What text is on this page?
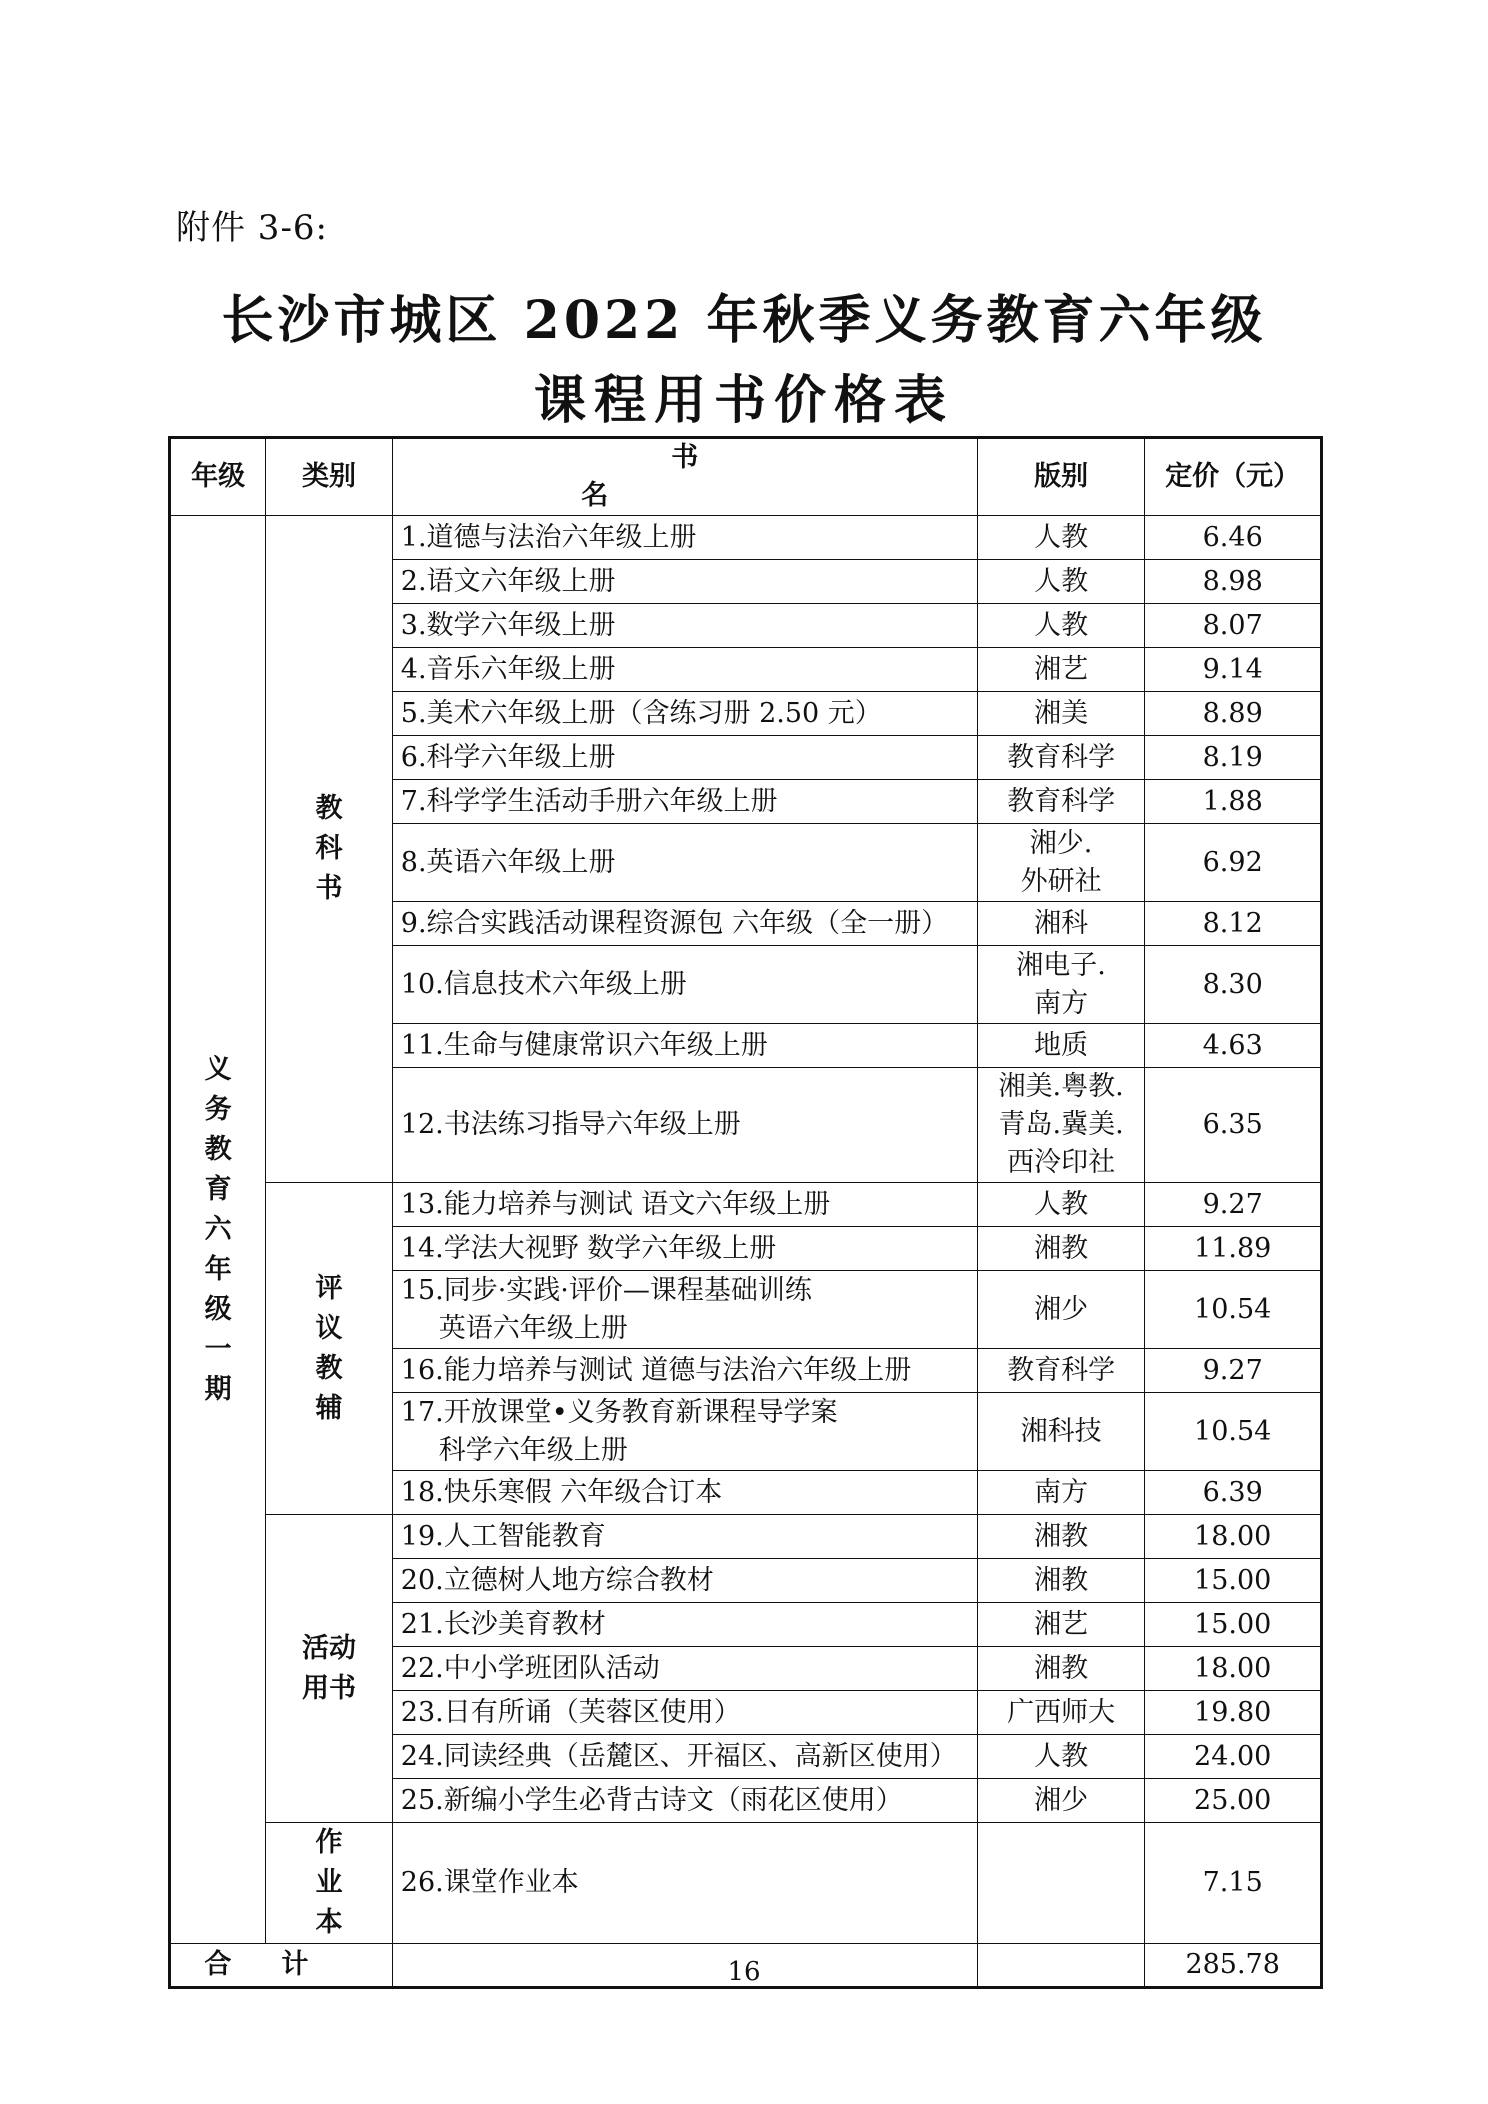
附件 3-6:
长沙市城区 2022 年秋季义务教育六年级
课程用书价格表
年级	类别	书名	版别	定价（元）
义务教育六年级一期	教科书	1.道德与法治六年级上册	人教	6.46

		2.语文六年级上册	人教	8.98

		3.数学六年级上册	人教	8.07

		4.音乐六年级上册	湘艺	9.14

		5.美术六年级上册（含练习册 2.50 元）	湘美	8.89

		6.科学六年级上册	教育科学	8.19

		7.科学学生活动手册六年级上册	教育科学	1.88

		8.英语六年级上册	湘少.
外研社	6.92

		9.综合实践活动课程资源包 六年级（全一册）	湘科	8.12

		10.信息技术六年级上册	湘电子.
南方	8.30

		11.生命与健康常识六年级上册	地质	4.63

		12.书法练习指导六年级上册	湘美.粤教.
青岛.冀美.
西泠印社	6.35
	评议教辅	13.能力培养与测试 语文六年级上册	人教	9.27

		14.学法大视野 数学六年级上册	湘教	11.89

		15.同步·实践·评价—课程基础训练
英语六年级上册	湘少	10.54

		16.能力培养与测试 道德与法治六年级上册	教育科学	9.27

		17.开放课堂•义务教育新课程导学案
科学六年级上册	湘科技	10.54

		18.快乐寒假 六年级合订本	南方	6.39
	活动用书	19.人工智能教育	湘教	18.00

		20.立德树人地方综合教材	湘教	15.00

		21.长沙美育教材	湘艺	15.00

		22.中小学班团队活动	湘教	18.00

		23.日有所诵（芙蓉区使用）	广西师大	19.80

		24.同读经典（岳麓区、开福区、高新区使用）	人教	24.00

		25.新编小学生必背古诗文（雨花区使用）	湘少	25.00
	作业本	26.课堂作业本		7.15
合计				285.78
16
